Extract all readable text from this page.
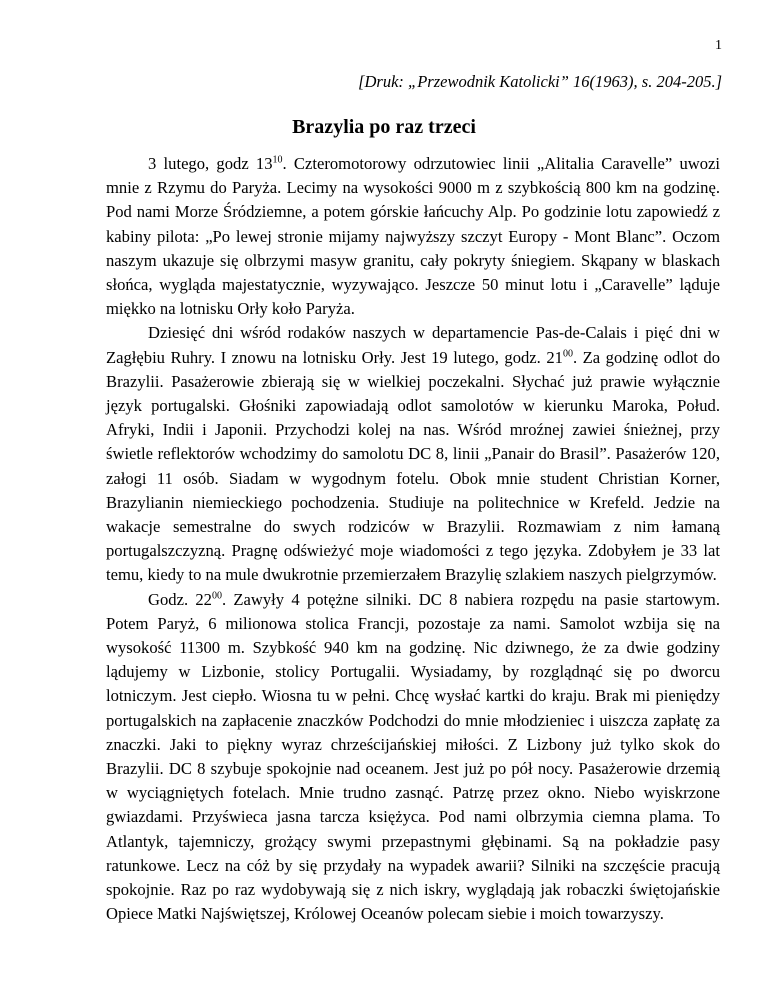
1
[Druk: „Przewodnik Katolicki” 16(1963), s. 204-205.]
Brazylia po raz trzeci

3 lutego, godz $13^{10}$. Czteromotorowy odrzutowiec linii „Alitalia Caravelle” uwozi mnie z Rzymu do Paryża. Lecimy na wysokości 9000 m z szybkością 800 km na godzinę. Pod nami Morze Śródziemne, a potem górskie łańcuchy Alp. Po godzinie lotu zapowiedź z kabiny pilota: „Po lewej stronie mijamy najwyższy szczyt Europy - Mont Blanc”. Oczom naszym ukazuje się olbrzymi masyw granitu, cały pokryty śniegiem. Skąpany w blaskach słońca, wygląda majestatycznie, wyzywająco. Jeszcze 50 minut lotu i „Caravelle” ląduje miękko na lotnisku Orły koło Paryża.

Dziesięć dni wśród rodaków naszych w departamencie Pas-de-Calais i pięć dni w Zagłębiu Ruhry. I znowu na lotnisku Orły. Jest 19 lutego, godz. $21^{00}$. Za godzinę odlot do Brazylii. Pasażerowie zbierają się w wielkiej poczekalni. Słychać już prawie wyłącznie język portugalski. Głośniki zapowiadają odlot samolotów w kierunku Maroka, Połud. Afryki, Indii i Japonii. Przychodzi kolej na nas. Wśród mroźnej zawiei śnieżnej, przy świetle reflektorów wchodzimy do samolotu DC 8, linii „Panair do Brasil”. Pasażerów 120, załogi 11 osób. Siadam w wygodnym fotelu. Obok mnie student Christian Korner, Brazylianin niemieckiego pochodzenia. Studiuje na politechnice w Krefeld. Jedzie na wakacje semestralne do swych rodziców w Brazylii. Rozmawiam z nim łamaną portugalszczyzną. Pragnę odświeżyć moje wiadomości z tego języka. Zdobyłem je 33 lat temu, kiedy to na mule dwukrotnie przemierzałem Brazylię szlakiem naszych pielgrzymów.

Godz. $22^{00}$. Zawyły 4 potężne silniki. DC 8 nabiera rozpędu na pasie startowym. Potem Paryż, 6 milionowa stolica Francji, pozostaje za nami. Samolot wzbija się na wysokość 11300 m. Szybkość 940 km na godzinę. Nic dziwnego, że za dwie godziny lądujemy w Lizbonie, stolicy Portugalii. Wysiadamy, by rozglądnąć się po dworcu lotniczym. Jest ciepło. Wiosna tu w pełni. Chcę wysłać kartki do kraju. Brak mi pieniędzy portugalskich na zapłacenie znaczków Podchodzi do mnie młodzieniec i uiszcza zapłatę za znaczki. Jaki to piękny wyraz chrześcijańskiej miłości. Z Lizbony już tylko skok do Brazylii. DC 8 szybuje spokojnie nad oceanem. Jest już po pół nocy. Pasażerowie drzemią w wyciągniętych fotelach. Mnie trudno zasnąć. Patrzę przez okno. Niebo wyiskrzone gwiazdami. Przyświeca jasna tarcza księżyca. Pod nami olbrzymia ciemna plama. To Atlantyk, tajemniczy, grożący swymi przepastnymi głębinami. Są na pokładzie pasy ratunkowe. Lecz na cóż by się przydały na wypadek awarii? Silniki na szczęście pracują spokojnie. Raz po raz wydobywają się z nich iskry, wyglądają jak robaczki świętojańskie Opiece Matki Najświętszej, Królowej Oceanów polecam siebie i moich towarzyszy.
